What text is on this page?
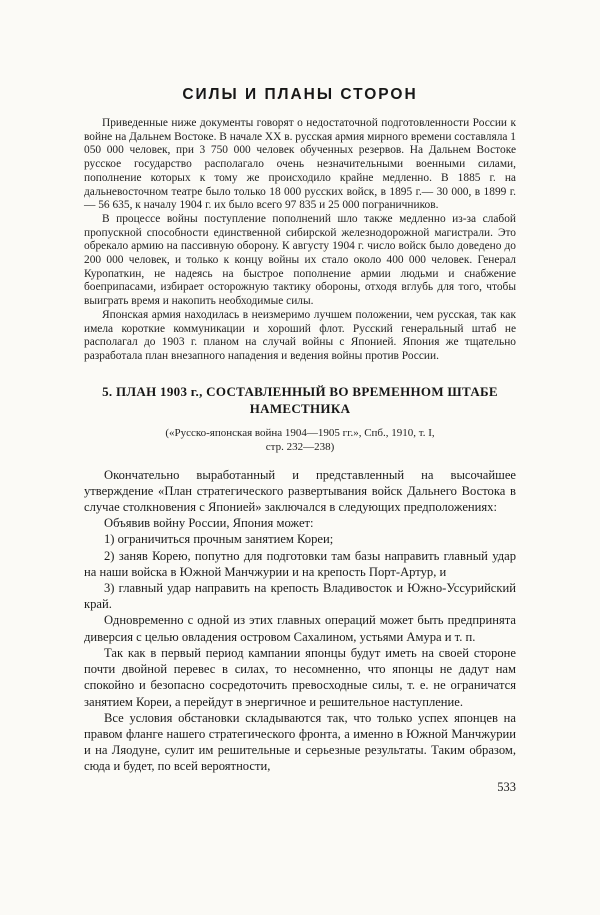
СИЛЫ И ПЛАНЫ СТОРОН

Приведенные ниже документы говорят о недостаточной подготовленности России к войне на Дальнем Востоке. В начале XX в. русская армия мирного времени составляла 1 050 000 человек, при 3 750 000 человек обученных резервов. На Дальнем Востоке русское государство располагало очень незначительными военными силами, пополнение которых к тому же происходило крайне медленно. В 1885 г. на дальневосточном театре было только 18 000 русских войск, в 1895 г.— 30 000, в 1899 г.— 56 635, к началу 1904 г. их было всего 97 835 и 25 000 пограничников.

В процессе войны поступление пополнений шло также медленно из-за слабой пропускной способности единственной сибирской железнодорожной магистрали. Это обрекало армию на пассивную оборону. К августу 1904 г. число войск было доведено до 200 000 человек, и только к концу войны их стало около 400 000 человек. Генерал Куропаткин, не надеясь на быстрое пополнение армии людьми и снабжение боеприпасами, избирает осторожную тактику обороны, отходя вглубь для того, чтобы выиграть время и накопить необходимые силы.

Японская армия находилась в неизмеримо лучшем положении, чем русская, так как имела короткие коммуникации и хороший флот. Русский генеральный штаб не располагал до 1903 г. планом на случай войны с Японией. Япония же тщательно разработала план внезапного нападения и ведения войны против России.

5. ПЛАН 1903 г., СОСТАВЛЕННЫЙ ВО ВРЕМЕННОМ ШТАБЕ НАМЕСТНИКА
(«Русско-японская война 1904—1905 гг.», Спб., 1910, т. I,
стр. 232—238)

Окончательно выработанный и представленный на высочайшее утверждение «План стратегического развертывания войск Дальнего Востока в случае столкновения с Японией» заключался в следующих предположениях:

Объявив войну России, Япония может:

1) ограничиться прочным занятием Кореи;

2) заняв Корею, попутно для подготовки там базы направить главный удар на наши войска в Южной Манчжурии и на крепость Порт-Артур, и

3) главный удар направить на крепость Владивосток и Южно-Уссурийский край.

Одновременно с одной из этих главных операций может быть предпринята диверсия с целью овладения островом Сахалином, устьями Амура и т. п.

Так как в первый период кампании японцы будут иметь на своей стороне почти двойной перевес в силах, то несомненно, что японцы не дадут нам спокойно и безопасно сосредоточить превосходные силы, т. е. не ограничатся занятием Кореи, а перейдут в энергичное и решительное наступление.

Все условия обстановки складываются так, что только успех японцев на правом фланге нашего стратегического фронта, а именно в Южной Манчжурии и на Ляодуне, сулит им решительные и серьезные результаты. Таким образом, сюда и будет, по всей вероятности,

533
